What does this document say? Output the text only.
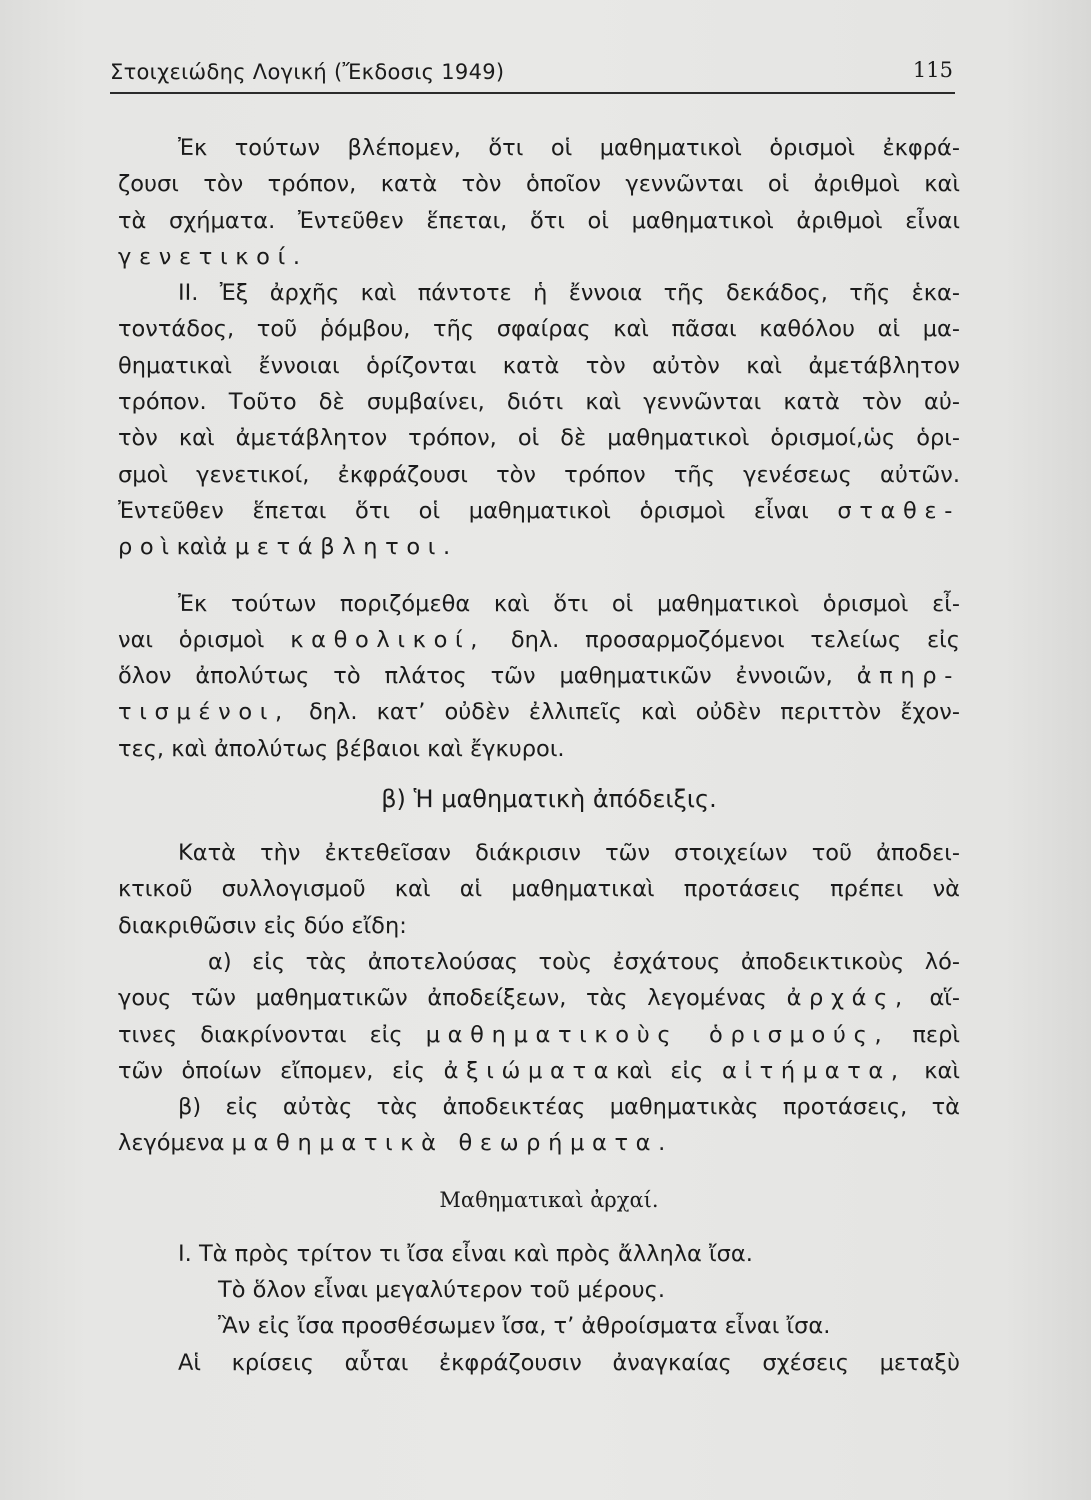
Στοιχειώδης Λογική (Ἔκδοσις 1949)	115
Ἐκ τούτων βλέπομεν, ὅτι οἱ μαθηματικοὶ ὁρισμοὶ ἐκφρά-
ζουσι τὸν τρόπον, κατὰ τὸν ὁποῖον γεννῶνται οἱ ἀριθμοὶ καὶ
τὰ σχήματα. Ἐντεῦθεν ἕπεται, ὅτι οἱ μαθηματικοὶ ἀριθμοὶ εἶναι
γενετικοί.
ΙΙ. Ἐξ ἀρχῆς καὶ πάντοτε ἡ ἔννοια τῆς δεκάδος, τῆς ἑκα-
τοντάδος, τοῦ ῥόμβου, τῆς σφαίρας καὶ πᾶσαι καθόλου αἱ μα-
θηματικαὶ ἔννοιαι ὁρίζονται κατὰ τὸν αὐτὸν καὶ ἀμετάβλητον
τρόπον. Τοῦτο δὲ συμβαίνει, διότι καὶ γεννῶνται κατὰ τὸν αὐ-
τὸν καὶ ἀμετάβλητον τρόπον, οἱ δὲ μαθηματικοὶ ὁρισμοί,ὡς ὁρι-
σμοὶ γενετικοί, ἐκφράζουσι τὸν τρόπον τῆς γενέσεως αὐτῶν.
Ἐντεῦθεν ἕπεται ὅτι οἱ μαθηματικοὶ ὁρισμοὶ εἶναι σταθε-
ροὶκαὶἀμετάβλητοι.
Ἐκ τούτων πoριζόμεθα καὶ ὅτι οἱ μαθηματικοὶ ὁρισμοὶ εἶ-
ναι ὁρισμοὶ καθολικοί, δηλ. προσαρμοζόμενοι τελείως εἰς
ὅλον ἀπολύτως τὸ πλάτος τῶν μαθηματικῶν ἐννοιῶν, ἀπηρ-
τισμένοι, δηλ. κατ’ οὐδὲν ἐλλιπεῖς καὶ οὐδὲν περιττὸν ἔχον-
τες, καὶ ἀπολύτως βέβαιοι καὶ ἔγκυροι.
β) Ἡ μαθηματικὴ ἀπόδειξις.
Κατὰ τὴν ἐκτεθεῖσαν διάκρισιν τῶν στοιχείων τοῦ ἀποδει-
κτικοῦ συλλογισμοῦ καὶ αἱ μαθηματικαὶ προτάσεις πρέπει νὰ
διακριθῶσιν εἰς δύο εἴδη:
α) εἰς τὰς ἀποτελούσας τοὺς ἐσχάτους ἀποδεικτικοὺς λό-
γους τῶν μαθηματικῶν ἀποδείξεων, τὰς λεγομένας ἀρχάς, αἵ-
τινες διακρίνονται εἰς μαθηματικοὺς ὁρισμούς, περὶ
τῶν ὁποίων εἴπομεν, εἰς ἀξιώματακαὶ εἰς αἰτήματα, καὶ
β) εἰς αὐτὰς τὰς ἀποδεικτέας μαθηματικὰς προτάσεις, τὰ
λεγόμενα μαθηματικὰ θεωρήματα.
Μαθηματικαὶ ἀρχαί.
Ι. Τὰ πρὸς τρίτον τι ἴσα εἶναι καὶ πρὸς ἄλληλα ἴσα.
Τὸ ὅλον εἶναι μεγαλύτερον τοῦ μέρους.
Ἂν εἰς ἴσα προσθέσωμεν ἴσα, τ’ ἀθροίσματα εἶναι ἴσα.
Αἱ κρίσεις αὗται ἐκφράζουσιν ἀναγκαίας σχέσεις μεταξὺ
